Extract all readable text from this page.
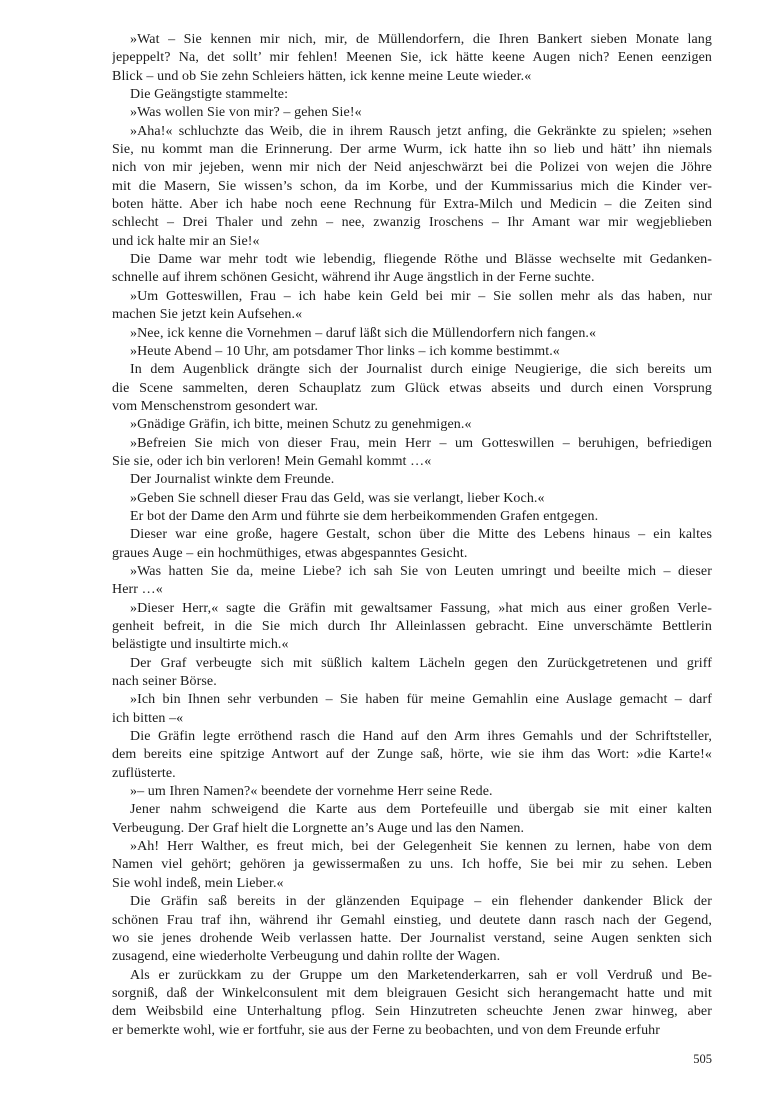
»Wat – Sie kennen mir nich, mir, de Müllendorfern, die Ihren Bankert sieben Monate lang
jepeppelt? Na, det sollt’ mir fehlen! Meenen Sie, ick hätte keene Augen nich? Eenen eenzigen
Blick – und ob Sie zehn Schleiers hätten, ick kenne meine Leute wieder.«
Die Geängstigte stammelte:
»Was wollen Sie von mir? – gehen Sie!«
»Aha!« schluchzte das Weib, die in ihrem Rausch jetzt anfing, die Gekränkte zu spielen; »sehen
Sie, nu kommt man die Erinnerung. Der arme Wurm, ick hatte ihn so lieb und hätt’ ihn niemals
nich von mir jejeben, wenn mir nich der Neid anjeschwärzt bei die Polizei von wejen die Jöhre
mit die Masern, Sie wissen’s schon, da im Korbe, und der Kummissarius mich die Kinder ver-
boten hätte. Aber ich habe noch eene Rechnung für Extra-Milch und Medicin – die Zeiten sind
schlecht – Drei Thaler und zehn – nee, zwanzig Iroschens – Ihr Amant war mir wegjeblieben
und ick halte mir an Sie!«
Die Dame war mehr todt wie lebendig, fliegende Röthe und Blässe wechselte mit Gedanken-
schnelle auf ihrem schönen Gesicht, während ihr Auge ängstlich in der Ferne suchte.
»Um Gotteswillen, Frau – ich habe kein Geld bei mir – Sie sollen mehr als das haben, nur
machen Sie jetzt kein Aufsehen.«
»Nee, ick kenne die Vornehmen – daruf läßt sich die Müllendorfern nich fangen.«
»Heute Abend – 10 Uhr, am potsdamer Thor links – ich komme bestimmt.«
In dem Augenblick drängte sich der Journalist durch einige Neugierige, die sich bereits um
die Scene sammelten, deren Schauplatz zum Glück etwas abseits und durch einen Vorsprung
vom Menschenstrom gesondert war.
»Gnädige Gräfin, ich bitte, meinen Schutz zu genehmigen.«
»Befreien Sie mich von dieser Frau, mein Herr – um Gotteswillen – beruhigen, befriedigen
Sie sie, oder ich bin verloren! Mein Gemahl kommt …«
Der Journalist winkte dem Freunde.
»Geben Sie schnell dieser Frau das Geld, was sie verlangt, lieber Koch.«
Er bot der Dame den Arm und führte sie dem herbeikommenden Grafen entgegen.
Dieser war eine große, hagere Gestalt, schon über die Mitte des Lebens hinaus – ein kaltes
graues Auge – ein hochmüthiges, etwas abgespanntes Gesicht.
»Was hatten Sie da, meine Liebe? ich sah Sie von Leuten umringt und beeilte mich – dieser
Herr …«
»Dieser Herr,« sagte die Gräfin mit gewaltsamer Fassung, »hat mich aus einer großen Verle-
genheit befreit, in die Sie mich durch Ihr Alleinlassen gebracht. Eine unverschämte Bettlerin
belästigte und insultirte mich.«
Der Graf verbeugte sich mit süßlich kaltem Lächeln gegen den Zurückgetretenen und griff
nach seiner Börse.
»Ich bin Ihnen sehr verbunden – Sie haben für meine Gemahlin eine Auslage gemacht – darf
ich bitten –«
Die Gräfin legte erröthend rasch die Hand auf den Arm ihres Gemahls und der Schriftsteller,
dem bereits eine spitzige Antwort auf der Zunge saß, hörte, wie sie ihm das Wort: »die Karte!«
zuflüsterte.
»– um Ihren Namen?« beendete der vornehme Herr seine Rede.
Jener nahm schweigend die Karte aus dem Portefeuille und übergab sie mit einer kalten
Verbeugung. Der Graf hielt die Lorgnette an’s Auge und las den Namen.
»Ah! Herr Walther, es freut mich, bei der Gelegenheit Sie kennen zu lernen, habe von dem
Namen viel gehört; gehören ja gewissermaßen zu uns. Ich hoffe, Sie bei mir zu sehen. Leben
Sie wohl indeß, mein Lieber.«
Die Gräfin saß bereits in der glänzenden Equipage – ein flehender dankender Blick der
schönen Frau traf ihn, während ihr Gemahl einstieg, und deutete dann rasch nach der Gegend,
wo sie jenes drohende Weib verlassen hatte. Der Journalist verstand, seine Augen senkten sich
zusagend, eine wiederholte Verbeugung und dahin rollte der Wagen.
Als er zurückkam zu der Gruppe um den Marketenderkarren, sah er voll Verdruß und Be-
sorgniß, daß der Winkelconsulent mit dem bleigrauen Gesicht sich herangemacht hatte und mit
dem Weibsbild eine Unterhaltung pflog. Sein Hinzutreten scheuchte Jenen zwar hinweg, aber
er bemerkte wohl, wie er fortfuhr, sie aus der Ferne zu beobachten, und von dem Freunde erfuhr
505
